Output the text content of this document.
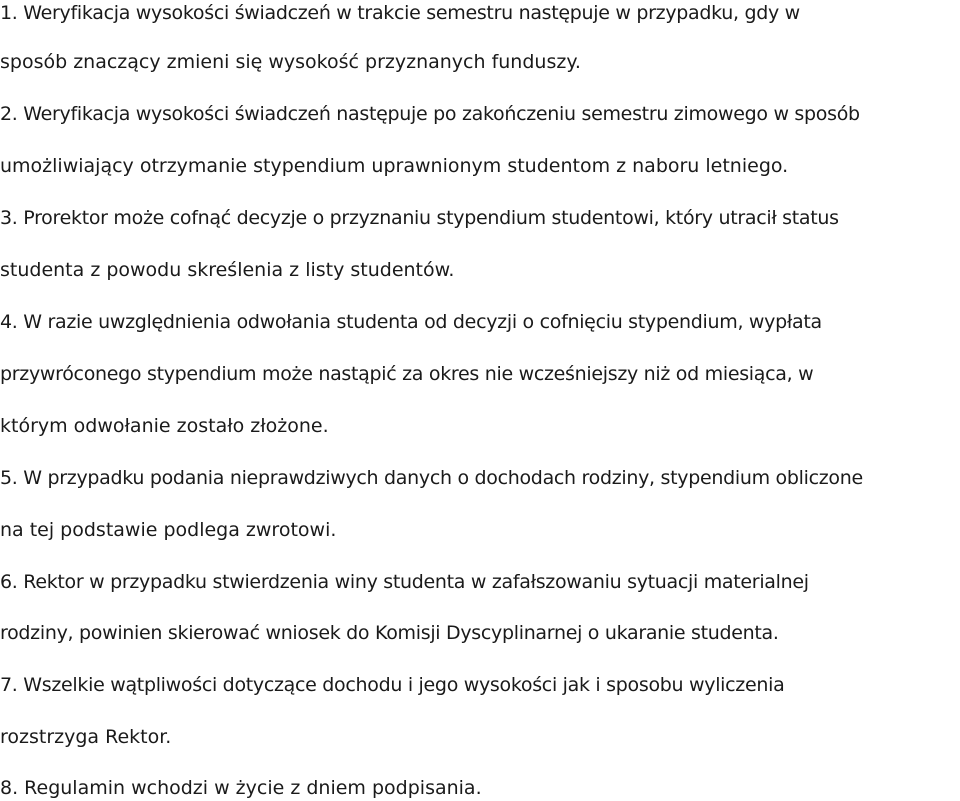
1. Weryfikacja wysokości świadczeń w trakcie semestru następuje w przypadku, gdy w
sposób znaczący zmieni się wysokość przyznanych funduszy.
2. Weryfikacja wysokości świadczeń następuje po zakończeniu semestru zimowego w sposób
umożliwiający otrzymanie stypendium uprawnionym studentom z naboru letniego.
3. Prorektor może cofnąć decyzje o przyznaniu stypendium studentowi, który utracił status
studenta z powodu skreślenia z listy studentów.
4. W razie uwzględnienia odwołania studenta od decyzji o cofnięciu stypendium, wypłata
przywróconego stypendium może nastąpić za okres nie wcześniejszy niż od miesiąca, w
którym odwołanie zostało złożone.
5. W przypadku podania nieprawdziwych danych o dochodach rodziny, stypendium obliczone
na tej podstawie podlega zwrotowi.
6. Rektor w przypadku stwierdzenia winy studenta w zafałszowaniu sytuacji materialnej
rodziny, powinien skierować wniosek do Komisji Dyscyplinarnej o ukaranie studenta.
7. Wszelkie wątpliwości dotyczące dochodu i jego wysokości jak i sposobu wyliczenia
rozstrzyga Rektor.
8. Regulamin wchodzi w życie z dniem podpisania.
